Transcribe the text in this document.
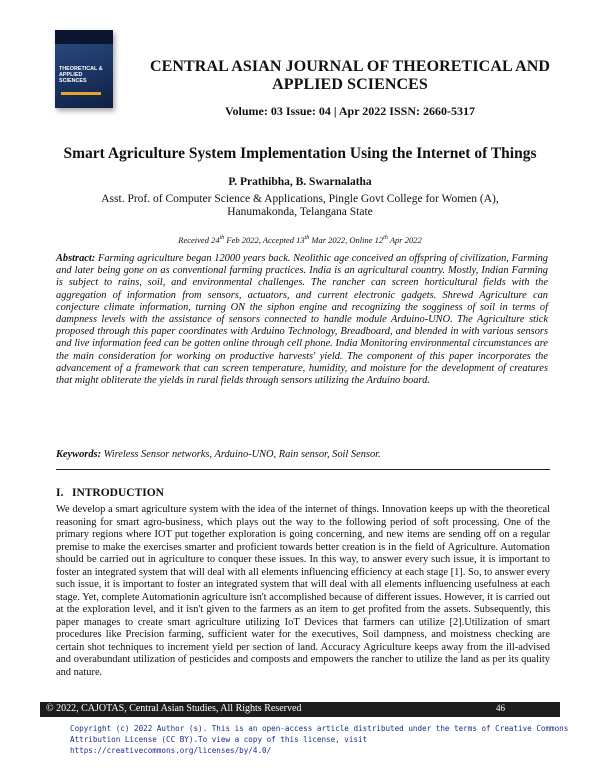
THEORETICAL & APPLIED SCIENCES
CENTRAL ASIAN JOURNAL OF THEORETICAL AND APPLIED SCIENCES
Volume: 03 Issue: 04 | Apr 2022 ISSN: 2660-5317
Smart Agriculture System Implementation Using the Internet of Things
P. Prathibha, B. Swarnalatha
Asst. Prof. of Computer Science & Applications, Pingle Govt College for Women (A), Hanumakonda, Telangana State
Received 24th Feb 2022, Accepted 13th Mar 2022, Online 12th Apr 2022

Abstract: Farming agriculture began 12000 years back. Neolithic age conceived an offspring of civilization, Farming and later being gone on as conventional farming practices. India is an agricultural country. Mostly, Indian Farming is subject to rains, soil, and environmental challenges. The rancher can screen horticultural fields with the aggregation of information from sensors, actuators, and current electronic gadgets. Shrewd Agriculture can conjecture climate information, turning ON the siphon engine and recognizing the sogginess of soil in terms of dampness levels with the assistance of sensors connected to handle module Arduino-UNO. The Agriculture stick proposed through this paper coordinates with Arduino Technology, Breadboard, and blended in with various sensors and live information feed can be gotten online through cell phone. India Monitoring environmental circumstances are the main consideration for working on productive harvests' yield. The component of this paper incorporates the advancement of a framework that can screen temperature, humidity, and moisture for the development of creatures that might obliterate the yields in rural fields through sensors utilizing the Arduino board.

Keywords: Wireless Sensor networks, Arduino-UNO, Rain sensor, Soil Sensor.

I.   INTRODUCTION

We develop a smart agriculture system with the idea of the internet of things. Innovation keeps up with the theoretical reasoning for smart agro-business, which plays out the way to the following period of soft processing. One of the primary regions where IOT put together exploration is going concerning, and new items are sending off on a regular premise to make the exercises smarter and proficient towards better creation is in the field of Agriculture. Automation should be carried out in agriculture to conquer these issues. In this way, to answer every such issue, it is important to foster an integrated system that will deal with all elements influencing efficiency at each stage [1]. So, to answer every such issue, it is important to foster an integrated system that will deal with all elements influencing usefulness at each stage. Yet, complete Automationin agriculture isn't accomplished because of different issues. However, it is carried out at the exploration level, and it isn't given to the farmers as an item to get profited from the assets. Subsequently, this paper manages to create smart agriculture utilizing IoT Devices that farmers can utilize [2].Utilization of smart procedures like Precision farming, sufficient water for the executives, Soil dampness, and moistness checking are certain shot techniques to increment yield per section of land. Accuracy Agriculture keeps away from the ill-advised and overabundant utilization of pesticides and composts and empowers the rancher to utilize the land as per its quality and nature.

© 2022, CAJOTAS, Central Asian Studies, All Rights Reserved	46

Copyright (c) 2022 Author (s). This is an open-access article distributed under the terms of Creative Commons
Attribution License (CC BY).To view a copy of this license, visit https://creativecommons.org/licenses/by/4.0/
